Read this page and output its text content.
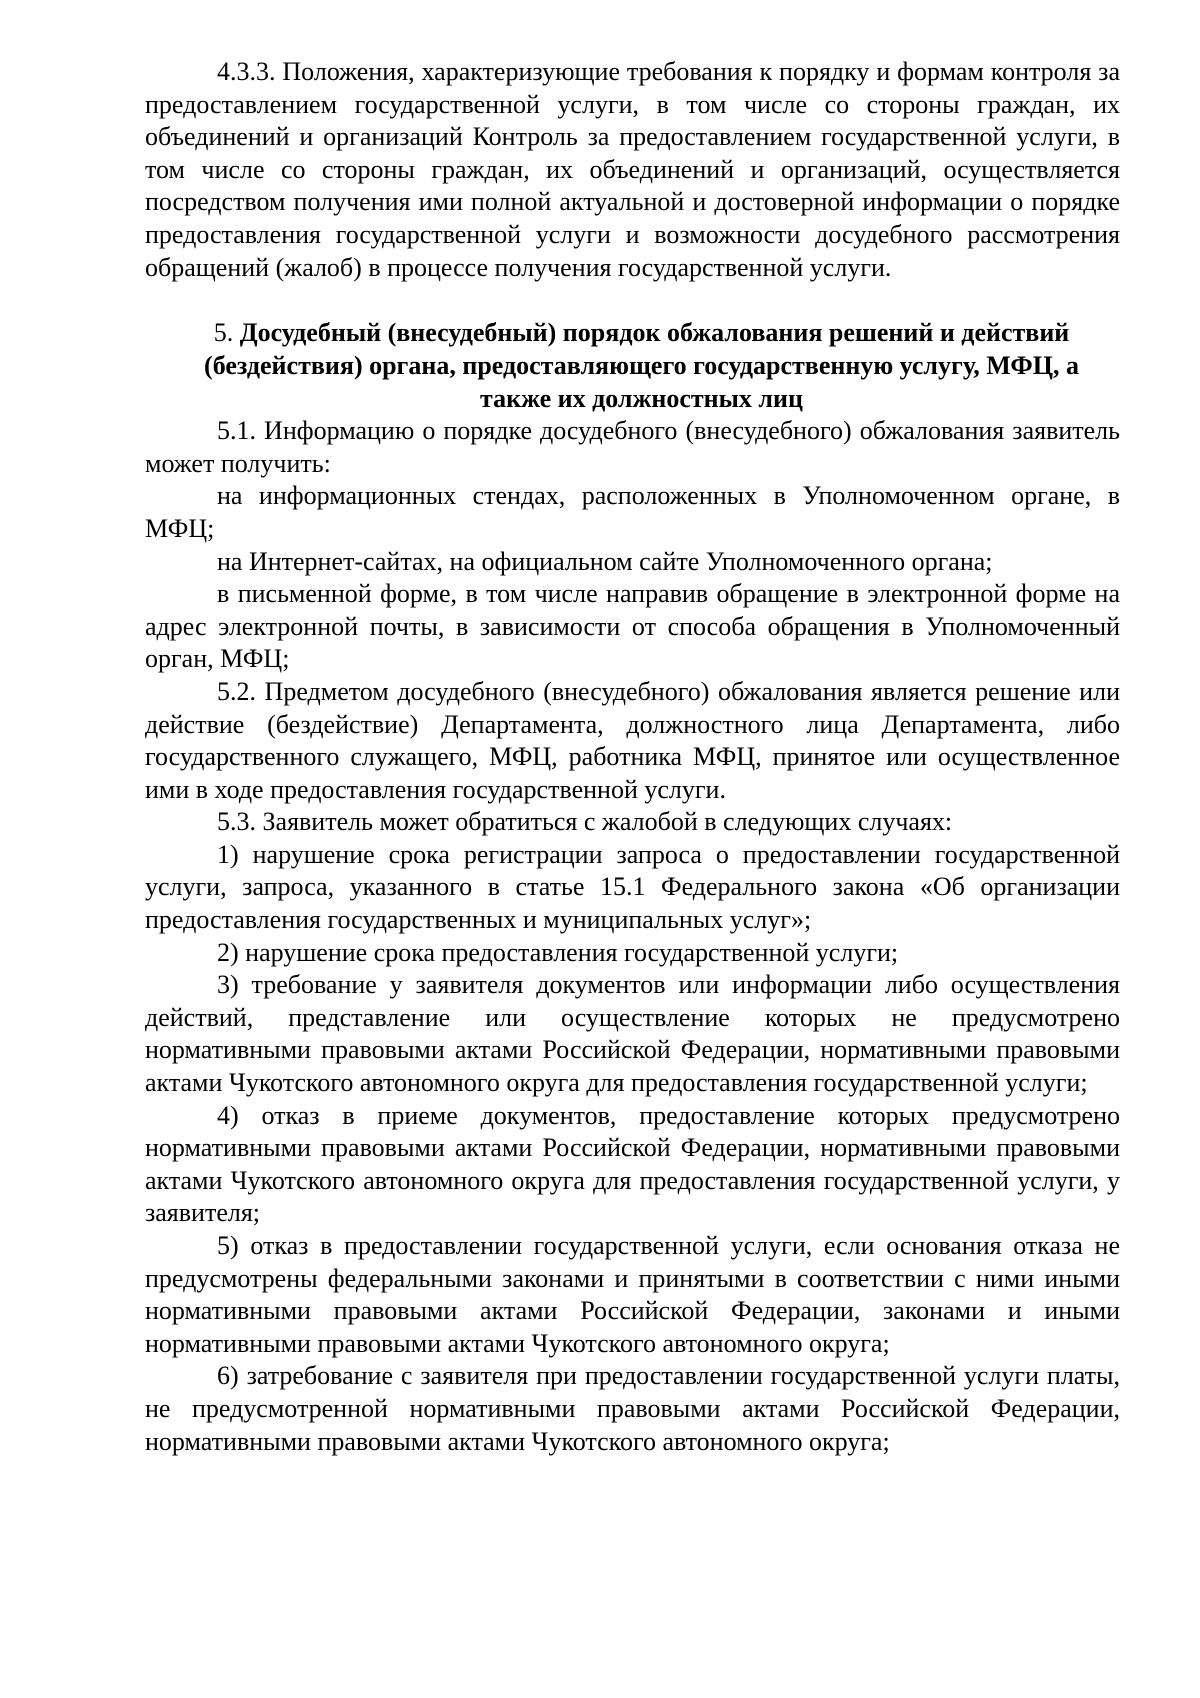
4.3.3. Положения, характеризующие требования к порядку и формам контроля за предоставлением государственной услуги, в том числе со стороны граждан, их объединений и организаций Контроль за предоставлением государственной услуги, в том числе со стороны граждан, их объединений и организаций, осуществляется посредством получения ими полной актуальной и достоверной информации о порядке предоставления государственной услуги и возможности досудебного рассмотрения обращений (жалоб) в процессе получения государственной услуги.

5. Досудебный (внесудебный) порядок обжалования решений и действий (бездействия) органа, предоставляющего государственную услугу, МФЦ, а также их должностных лиц

5.1. Информацию о порядке досудебного (внесудебного) обжалования заявитель может получить:

на информационных стендах, расположенных в Уполномоченном органе, в МФЦ;

на Интернет-сайтах, на официальном сайте Уполномоченного органа;

в письменной форме, в том числе направив обращение в электронной форме на адрес электронной почты, в зависимости от способа обращения в Уполномоченный орган, МФЦ;

5.2. Предметом досудебного (внесудебного) обжалования является решение или действие (бездействие) Департамента, должностного лица Департамента, либо государственного служащего, МФЦ, работника МФЦ, принятое или осуществленное ими в ходе предоставления государственной услуги.

5.3. Заявитель может обратиться с жалобой в следующих случаях:

1) нарушение срока регистрации запроса о предоставлении государственной услуги, запроса, указанного в статье 15.1 Федерального закона «Об организации предоставления государственных и муниципальных услуг»;

2) нарушение срока предоставления государственной услуги;

3) требование у заявителя документов или информации либо осуществления действий, представление или осуществление которых не предусмотрено нормативными правовыми актами Российской Федерации, нормативными правовыми актами Чукотского автономного округа для предоставления государственной услуги;

4) отказ в приеме документов, предоставление которых предусмотрено нормативными правовыми актами Российской Федерации, нормативными правовыми актами Чукотского автономного округа для предоставления государственной услуги, у заявителя;

5) отказ в предоставлении государственной услуги, если основания отказа не предусмотрены федеральными законами и принятыми в соответствии с ними иными нормативными правовыми актами Российской Федерации, законами и иными нормативными правовыми актами Чукотского автономного округа;

6) затребование с заявителя при предоставлении государственной услуги платы, не предусмотренной нормативными правовыми актами Российской Федерации, нормативными правовыми актами Чукотского автономного округа;
